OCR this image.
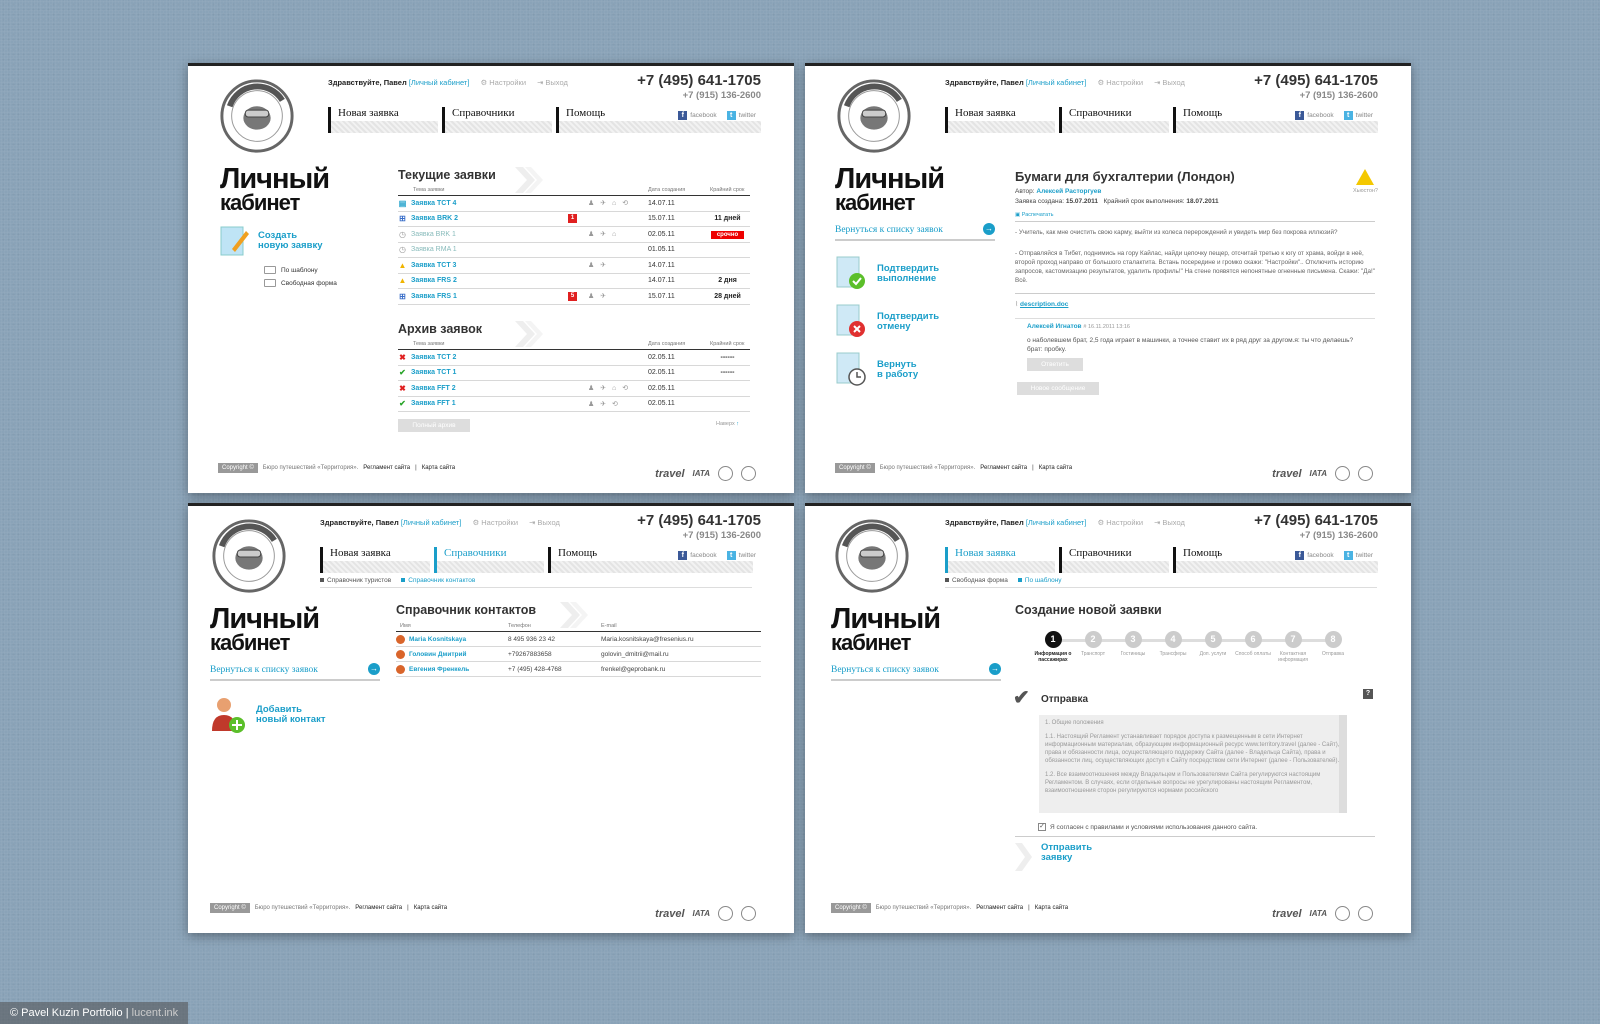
Здравствуйте, Павел [Личный кабинет] ⚙ Настройки ⇥ Выход	+7 (495) 641-1705
+7 (915) 136-2600
Новая заявка	Справочники	Помощь	f facebook	t twitter
Личный
кабинет
Создать
новую заявку
По шаблону
Свободная форма
Текущие заявки
Тема заявки	Дата создания	Крайний срок
▤ Заявка TCT 4	♟ ✈ ⌂ ⟲	14.07.11
⊞ Заявка BRK 2	1	15.07.11	11 дней
◷ Заявка BRK 1	♟ ✈ ⌂	02.05.11	срочно
◷ Заявка RMA 1	01.05.11
▲ Заявка TCT 3	♟ ✈	14.07.11
▲ Заявка FRS 2	14.07.11	2 дня
⊞ Заявка FRS 1	5	♟ ✈	15.07.11	28 дней
Архив заявок
Тема заявки	Дата создания	Крайний срок
✖ Заявка TCT 2	02.05.11	------
✔ Заявка TCT 1	02.05.11	------
✖ Заявка FFT 2	♟ ✈ ⌂ ⟲	02.05.11
✔ Заявка FFT 1	♟ ✈ ⟲	02.05.11
Полный архив	Наверх ↑
Copyright ©	Бюро путешествий «Территория». Регламент сайта | Карта сайта	travel IATA
Здравствуйте, Павел [Личный кабинет] ⚙ Настройки ⇥ Выход	+7 (495) 641-1705
+7 (915) 136-2600
Новая заявка	Справочники	Помощь	f facebook	t twitter
Личный
кабинет
Вернуться к списку заявок	→
Подтвердить
выполнение
Подтвердить
отмену
Вернуть
в работу
Бумаги для бухгалтерии (Лондон)
Хьюстон?
Автор: Алексей Расторгуев
Заявка создана: 15.07.2011 Крайний срок выполнения: 18.07.2011
▣ Распечатать
- Учитель, как мне очистить свою карму, выйти из колеса перерождений и увидеть мир без покрова иллюзий?
- Отправляйся в Тибет, поднимись на гору Кайлас, найди цепочку пещер, отсчитай третью к югу от храма, войди в неё, второй проход направо от большого сталактита. Встань посередине и громко скажи: "Настройки".. Отключить историю запросов, кастомизацию результатов, удалить профиль!" На стене появятся непонятные огненные письмена. Скажи: "Да!" Всё.
⌇ description.doc
Алексей Игнатов # 16.11.2011 13:16
о наболевшем брат, 2,5 года играет в машинки, а точнее ставит их в ряд друг за другом.я: ты что делаешь? брат: пробку.
Ответить
Новое сообщение
Copyright ©	Бюро путешествий «Территория». Регламент сайта | Карта сайта	travel IATA
Здравствуйте, Павел [Личный кабинет] ⚙ Настройки ⇥ Выход	+7 (495) 641-1705
+7 (915) 136-2600
Новая заявка	Справочники	Помощь	f facebook	t twitter
Справочник туристов	Справочник контактов
Личный
кабинет
Вернуться к списку заявок	→
Добавить
новый контакт
Справочник контактов
Имя	Телефон	E-mail
Maria Kosnitskaya	8 495 936 23 42	Maria.kosnitskaya@fresenius.ru
Головин Дмитрий	+79267883658	golovin_dmitrii@mail.ru
Евгения Френкель	+7 (495) 428-4768	frenkel@geprobank.ru
Copyright ©	Бюро путешествий «Территория». Регламент сайта | Карта сайта	travel IATA
Здравствуйте, Павел [Личный кабинет] ⚙ Настройки ⇥ Выход	+7 (495) 641-1705
+7 (915) 136-2600
Новая заявка	Справочники	Помощь	f facebook	t twitter
Свободная форма	По шаблону
Личный
кабинет
Вернуться к списку заявок	→
Создание новой заявки
1
Информация о пассажирах
2
Транспорт
3
Гостиницы
4
Трансферы
5
Доп. услуги
6
Способ оплаты
7
Контактная информация
8
Отправка
✔ Отправка
?
1. Общие положения
1.1. Настоящий Регламент устанавливает порядок доступа к размещенным в сети Интернет информационным материалам, образующим информационный ресурс www.territory.travel (далее - Сайт), права и обязанности лица, осуществляющего поддержку Сайта (далее - Владельца Сайта), права и обязанности лиц, осуществляющих доступ к Сайту посредством сети Интернет (далее - Пользователей).
1.2. Все взаимоотношения между Владельцем и Пользователями Сайта регулируются настоящим Регламентом. В случаях, если отдельные вопросы не урегулированы настоящим Регламентом, взаимоотношения сторон регулируются нормами российского
✓ Я согласен с правилами и условиями использования данного сайта.
Отправить
заявку
Copyright ©	Бюро путешествий «Территория». Регламент сайта | Карта сайта	travel IATA
© Pavel Kuzin Portfolio | lucent.ink
